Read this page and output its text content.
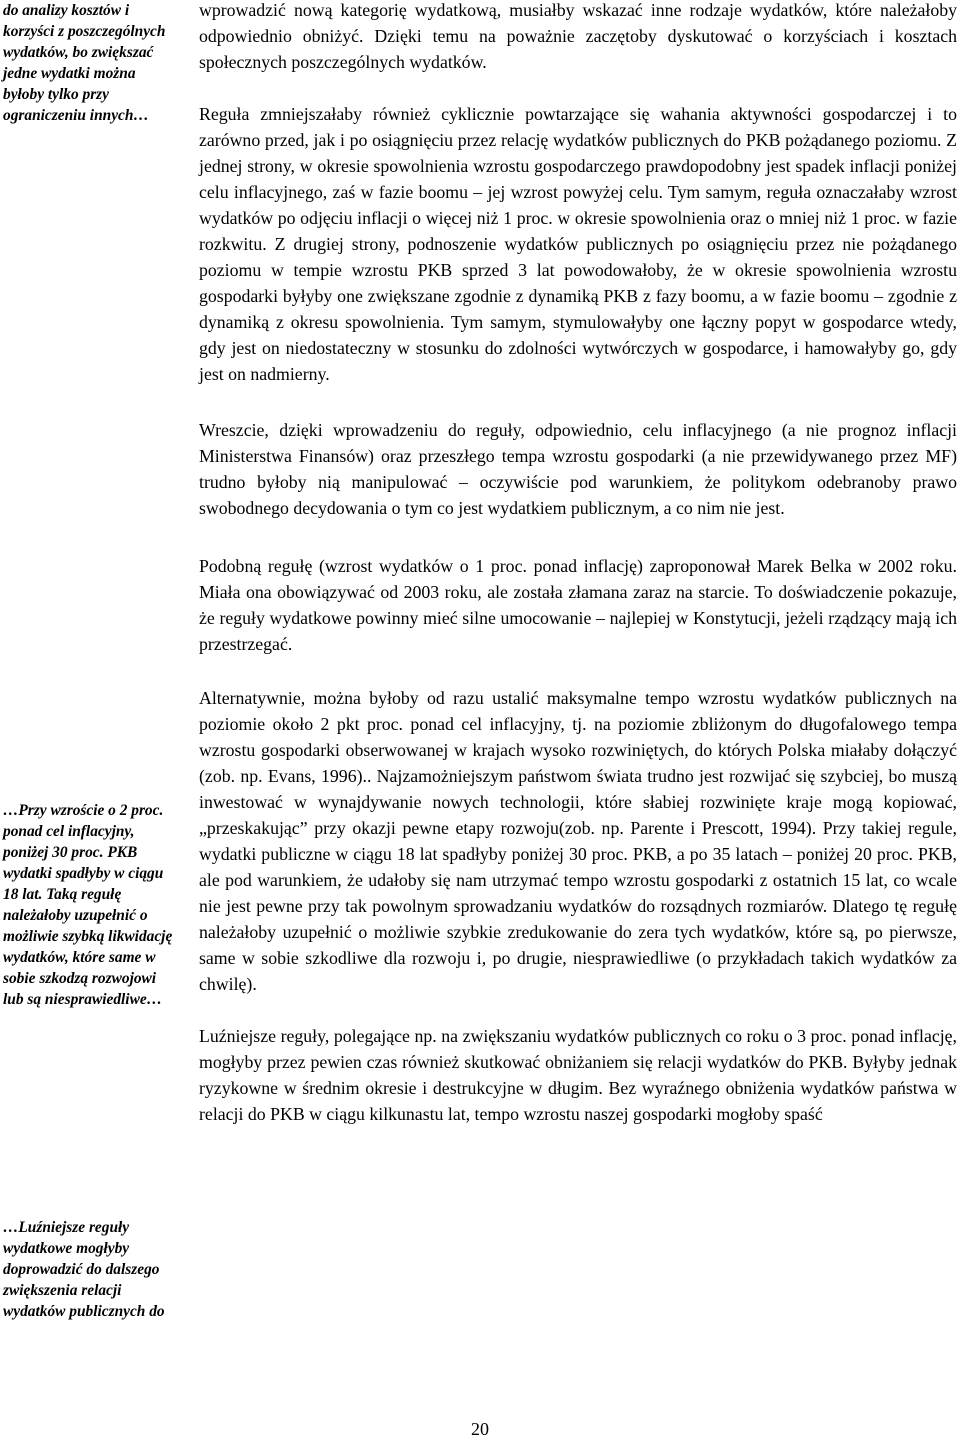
do analizy kosztów i korzyści z poszczególnych wydatków, bo zwiększać jedne wydatki można byłoby tylko przy ograniczeniu innych…

…Przy wzroście o 2 proc. ponad cel inflacyjny, poniżej 30 proc. PKB wydatki spadłyby w ciągu 18 lat. Taką regułę należałoby uzupełnić o możliwie szybką likwidację wydatków, które same w sobie szkodzą rozwojowi lub są niesprawiedliwe…

…Luźniejsze reguły wydatkowe mogłyby doprowadzić do dalszego zwiększenia relacji wydatków publicznych do

wprowadzić nową kategorię wydatkową, musiałby wskazać inne rodzaje wydatków, które należałoby odpowiednio obniżyć. Dzięki temu na poważnie zaczętoby dyskutować o korzyściach i kosztach społecznych poszczególnych wydatków.

Reguła zmniejszałaby również cyklicznie powtarzające się wahania aktywności gospodarczej i to zarówno przed, jak i po osiągnięciu przez relację wydatków publicznych do PKB pożądanego poziomu. Z jednej strony, w okresie spowolnienia wzrostu gospodarczego prawdopodobny jest spadek inflacji poniżej celu inflacyjnego, zaś w fazie boomu – jej wzrost powyżej celu. Tym samym, reguła oznaczałaby wzrost wydatków po odjęciu inflacji o więcej niż 1 proc. w okresie spowolnienia oraz o mniej niż 1 proc. w fazie rozkwitu. Z drugiej strony, podnoszenie wydatków publicznych po osiągnięciu przez nie pożądanego poziomu w tempie wzrostu PKB sprzed 3 lat powodowałoby, że w okresie spowolnienia wzrostu gospodarki byłyby one zwiększane zgodnie z dynamiką PKB z fazy boomu, a w fazie boomu – zgodnie z dynamiką z okresu spowolnienia. Tym samym, stymulowałyby one łączny popyt w gospodarce wtedy, gdy jest on niedostateczny w stosunku do zdolności wytwórczych w gospodarce, i hamowałyby go, gdy jest on nadmierny.

Wreszcie, dzięki wprowadzeniu do reguły, odpowiednio, celu inflacyjnego (a nie prognoz inflacji Ministerstwa Finansów) oraz przeszłego tempa wzrostu gospodarki (a nie przewidywanego przez MF) trudno byłoby nią manipulować – oczywiście pod warunkiem, że politykom odebranoby prawo swobodnego decydowania o tym co jest wydatkiem publicznym, a co nim nie jest.

Podobną regułę (wzrost wydatków o 1 proc. ponad inflację) zaproponował Marek Belka w 2002 roku. Miała ona obowiązywać od 2003 roku, ale została złamana zaraz na starcie. To doświadczenie pokazuje, że reguły wydatkowe powinny mieć silne umocowanie – najlepiej w Konstytucji, jeżeli rządzący mają ich przestrzegać.

Alternatywnie, można byłoby od razu ustalić maksymalne tempo wzrostu wydatków publicznych na poziomie około 2 pkt proc. ponad cel inflacyjny, tj. na poziomie zbliżonym do długofalowego tempa wzrostu gospodarki obserwowanej w krajach wysoko rozwiniętych, do których Polska miałaby dołączyć (zob. np. Evans, 1996).. Najzamożniejszym państwom świata trudno jest rozwijać się szybciej, bo muszą inwestować w wynajdywanie nowych technologii, które słabiej rozwinięte kraje mogą kopiować, „przeskakując” przy okazji pewne etapy rozwoju(zob. np. Parente i Prescott, 1994). Przy takiej regule, wydatki publiczne w ciągu 18 lat spadłyby poniżej 30 proc. PKB, a po 35 latach – poniżej 20 proc. PKB, ale pod warunkiem, że udałoby się nam utrzymać tempo wzrostu gospodarki z ostatnich 15 lat, co wcale nie jest pewne przy tak powolnym sprowadzaniu wydatków do rozsądnych rozmiarów. Dlatego tę regułę należałoby uzupełnić o możliwie szybkie zredukowanie do zera tych wydatków, które są, po pierwsze, same w sobie szkodliwe dla rozwoju i, po drugie, niesprawiedliwe (o przykładach takich wydatków za chwilę).

Luźniejsze reguły, polegające np. na zwiększaniu wydatków publicznych co roku o 3 proc. ponad inflację, mogłyby przez pewien czas również skutkować obniżaniem się relacji wydatków do PKB. Byłyby jednak ryzykowne w średnim okresie i destrukcyjne w długim. Bez wyraźnego obniżenia wydatków państwa w relacji do PKB w ciągu kilkunastu lat, tempo wzrostu naszej gospodarki mogłoby spaść

20
